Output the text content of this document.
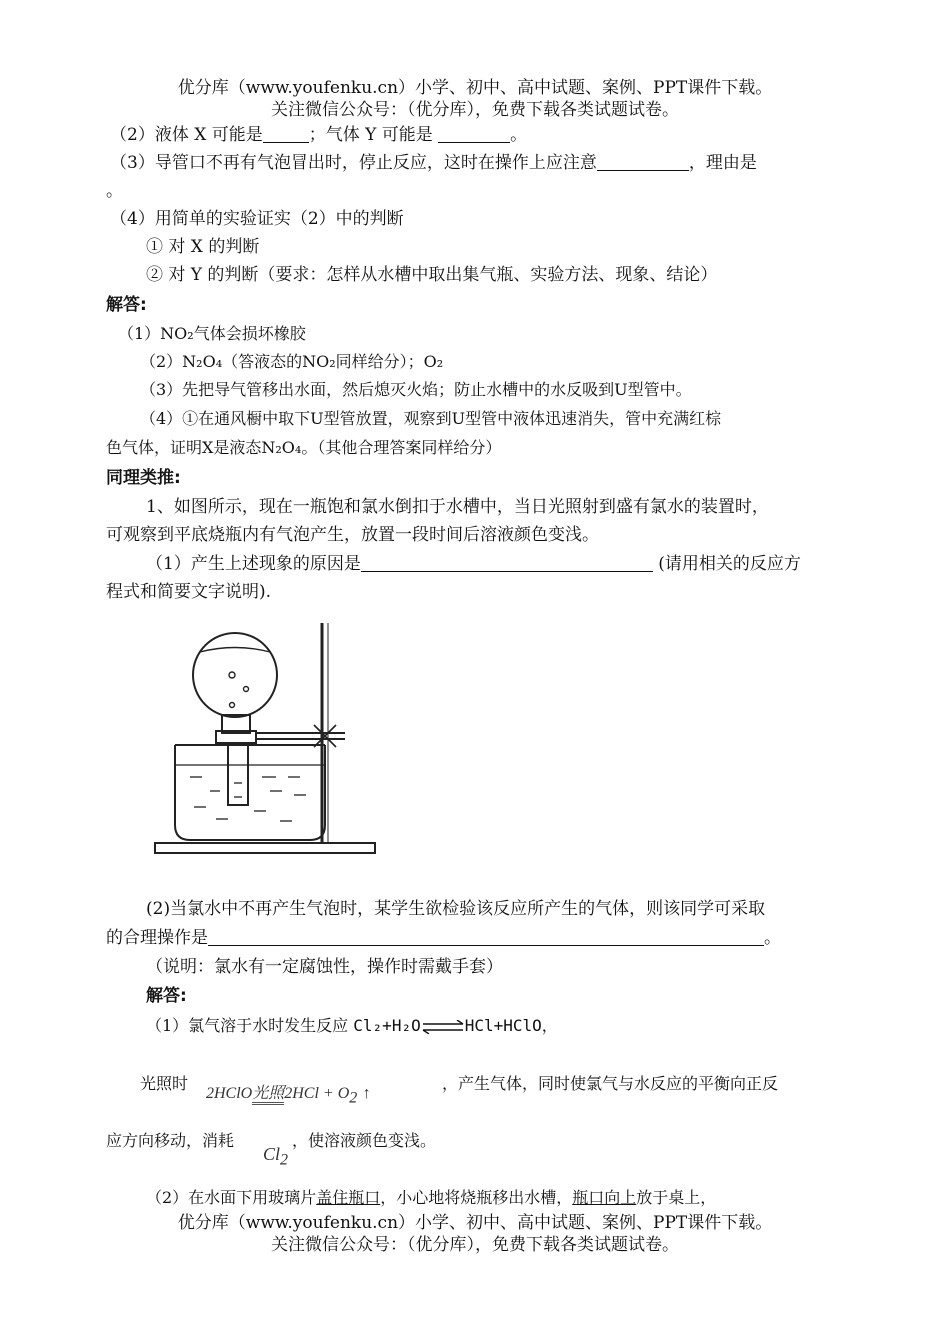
优分库（www.youfenku.cn）小学、初中、高中试题、案例、PPT课件下载。
关注微信公众号：（优分库），免费下载各类试题试卷。
（2）液体 X 可能是	；气体 Y 可能是	。
（3）导管口不再有气泡冒出时，停止反应，这时在操作上应注意	，理由是
。
（4）用简单的实验证实（2）中的判断
① 对 X 的判断
② 对 Y 的判断（要求：怎样从水槽中取出集气瓶、实验方法、现象、结论）
解答:
（1）NO₂气体会损坏橡胶
（2）N₂O₄（答液态的NO₂同样给分）；O₂
（3）先把导气管移出水面，然后熄灭火焰；防止水槽中的水反吸到U型管中。
（4）①在通风橱中取下U型管放置，观察到U型管中液体迅速消失，管中充满红棕
色气体，证明X是液态N₂O₄。（其他合理答案同样给分）
同理类推:
1、如图所示，现在一瓶饱和氯水倒扣于水槽中，当日光照射到盛有氯水的装置时，
可观察到平底烧瓶内有气泡产生，放置一段时间后溶液颜色变浅。
（1）产生上述现象的原因是	(请用相关的反应方
程式和简要文字说明).
(2)当氯水中不再产生气泡时，某学生欲检验该反应所产生的气体，则该同学可采取
的合理操作是	。
（说明：氯水有一定腐蚀性，操作时需戴手套）
解答:
（1）氯气溶于水时发生反应 Cl₂+H₂O⇌HCl+HClO，
光照时
2HClO光照$2HCl + O_2$ ↑
，产生气体，同时使氯气与水反应的平衡向正反
应方向移动，消耗
$Cl_2$
，使溶液颜色变浅。
（2）在水面下用玻璃片盖住瓶口，小心地将烧瓶移出水槽，瓶口向上放于桌上，
优分库（www.youfenku.cn）小学、初中、高中试题、案例、PPT课件下载。
关注微信公众号：（优分库），免费下载各类试题试卷。
